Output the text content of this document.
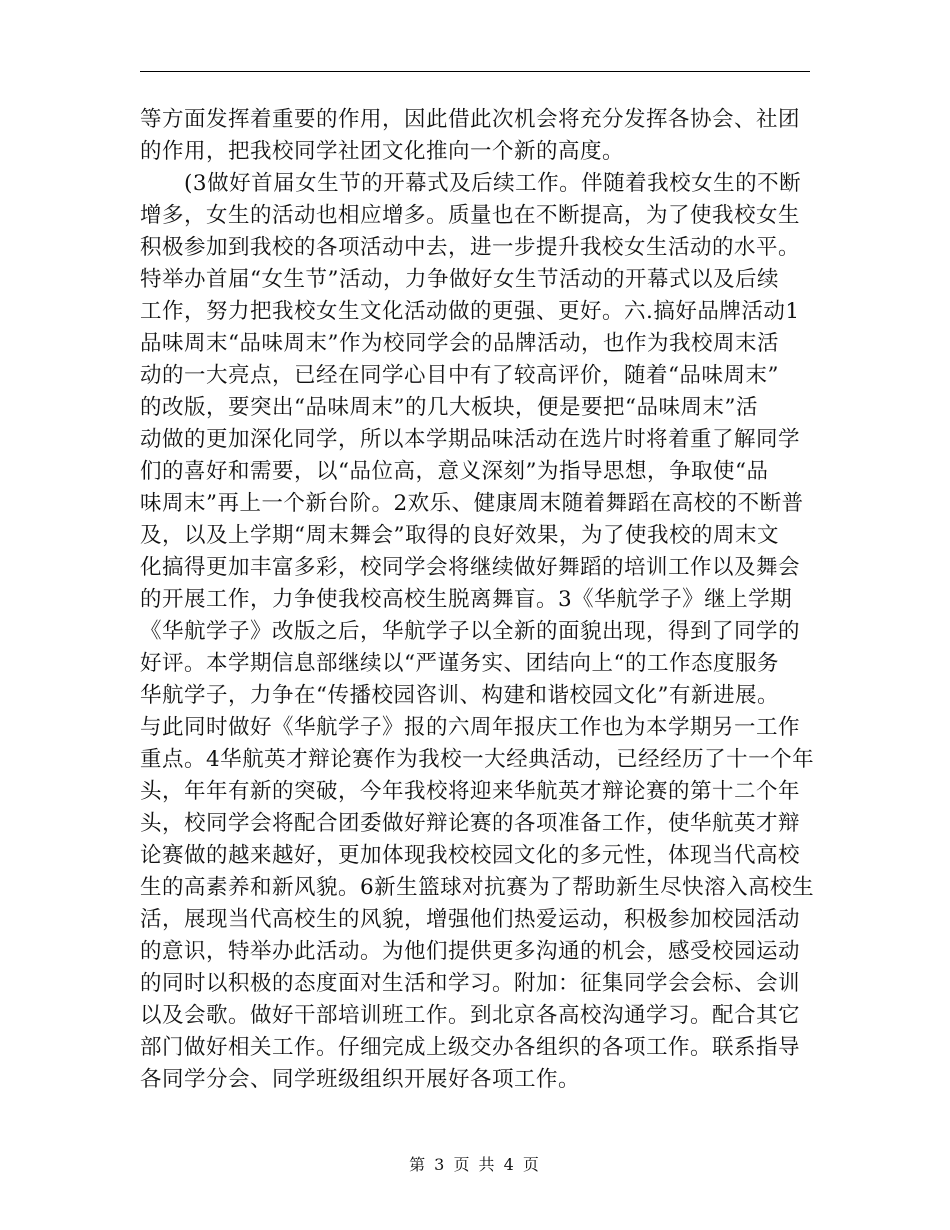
等方面发挥着重要的作用，因此借此次机会将充分发挥各协会、社团
的作用，把我校同学社团文化推向一个新的高度。
(3做好首届女生节的开幕式及后续工作。伴随着我校女生的不断
增多，女生的活动也相应增多。质量也在不断提高，为了使我校女生
积极参加到我校的各项活动中去，进一步提升我校女生活动的水平。
特举办首届“女生节”活动，力争做好女生节活动的开幕式以及后续
工作，努力把我校女生文化活动做的更强、更好。六.搞好品牌活动1
品味周末“品味周末”作为校同学会的品牌活动，也作为我校周末活
动的一大亮点，已经在同学心目中有了较高评价，随着“品味周末”
的改版，要突出“品味周末”的几大板块，便是要把“品味周末”活
动做的更加深化同学，所以本学期品味活动在选片时将着重了解同学
们的喜好和需要，以“品位高，意义深刻”为指导思想，争取使“品
味周末”再上一个新台阶。2欢乐、健康周末随着舞蹈在高校的不断普
及，以及上学期“周末舞会”取得的良好效果，为了使我校的周末文
化搞得更加丰富多彩，校同学会将继续做好舞蹈的培训工作以及舞会
的开展工作，力争使我校高校生脱离舞盲。3《华航学子》继上学期
《华航学子》改版之后，华航学子以全新的面貌出现，得到了同学的
好评。本学期信息部继续以“严谨务实、团结向上“的工作态度服务
华航学子，力争在“传播校园咨训、构建和谐校园文化”有新进展。
与此同时做好《华航学子》报的六周年报庆工作也为本学期另一工作
重点。4华航英才辩论赛作为我校一大经典活动，已经经历了十一个年
头，年年有新的突破，今年我校将迎来华航英才辩论赛的第十二个年
头，校同学会将配合团委做好辩论赛的各项准备工作，使华航英才辩
论赛做的越来越好，更加体现我校校园文化的多元性，体现当代高校
生的高素养和新风貌。6新生篮球对抗赛为了帮助新生尽快溶入高校生
活，展现当代高校生的风貌，增强他们热爱运动，积极参加校园活动
的意识，特举办此活动。为他们提供更多沟通的机会，感受校园运动
的同时以积极的态度面对生活和学习。附加：征集同学会会标、会训
以及会歌。做好干部培训班工作。到北京各高校沟通学习。配合其它
部门做好相关工作。仔细完成上级交办各组织的各项工作。联系指导
各同学分会、同学班级组织开展好各项工作。
第 3 页 共 4 页
